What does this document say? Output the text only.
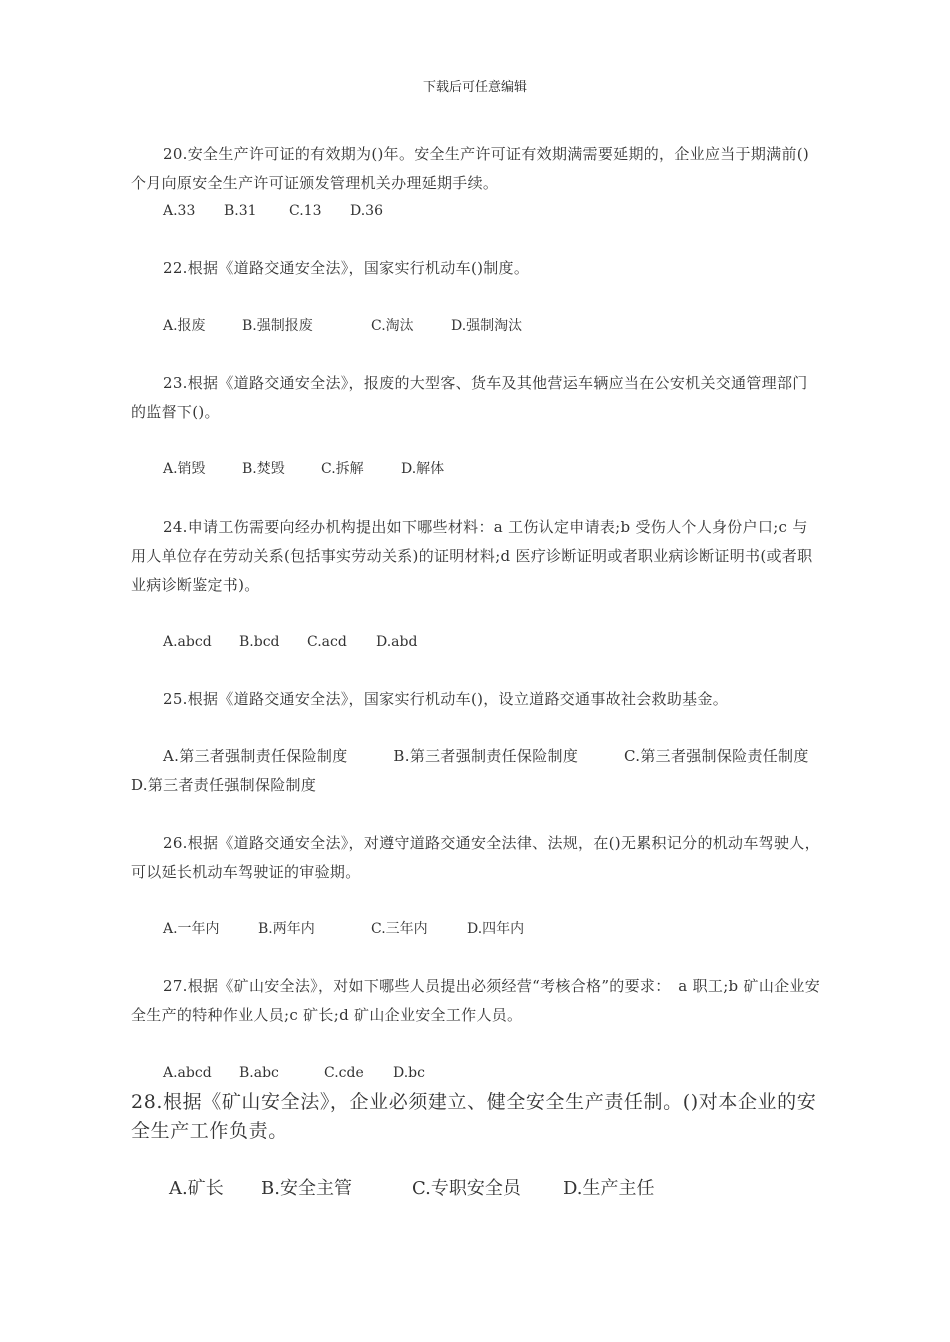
下载后可任意编辑
20.安全生产许可证的有效期为()年。安全生产许可证有效期满需要延期的，企业应当于期满前()个月向原安全生产许可证颁发管理机关办理延期手续。
A.33 B.31 C.13 D.36
22.根据《道路交通安全法》，国家实行机动车()制度。
A.报废	B.强制报废	C.淘汰	D.强制淘汰
23.根据《道路交通安全法》，报废的大型客、货车及其他营运车辆应当在公安机关交通管理部门的监督下()。
A.销毁	B.焚毁	C.拆解	D.解体
24.申请工伤需要向经办机构提出如下哪些材料：a 工伤认定申请表;b 受伤人个人身份户口;c 与用人单位存在劳动关系(包括事实劳动关系)的证明材料;d 医疗诊断证明或者职业病诊断证明书(或者职业病诊断鉴定书)。
A.abcd B.bcd C.acd D.abd
25.根据《道路交通安全法》，国家实行机动车()，设立道路交通事故社会救助基金。
A.第三者强制责任保险制度　　　	B.第三者强制责任保险制度　　　	C.第三者强制保险责任制度　　D.第三者责任强制保险制度
26.根据《道路交通安全法》，对遵守道路交通安全法律、法规，在()无累积记分的机动车驾驶人，可以延长机动车驾驶证的审验期。
A.一年内	B.两年内	C.三年内	D.四年内
27.根据《矿山安全法》，对如下哪些人员提出必须经营“考核合格”的要求：　a 职工;b 矿山企业安全生产的特种作业人员;c 矿长;d 矿山企业安全工作人员。
A.abcd B.abc	C.cde D.bc
28.根据《矿山安全法》，企业必须建立、健全安全生产责任制。()对本企业的安全生产工作负责。
A.矿长 B.安全主管	C.专职安全员 D.生产主任
